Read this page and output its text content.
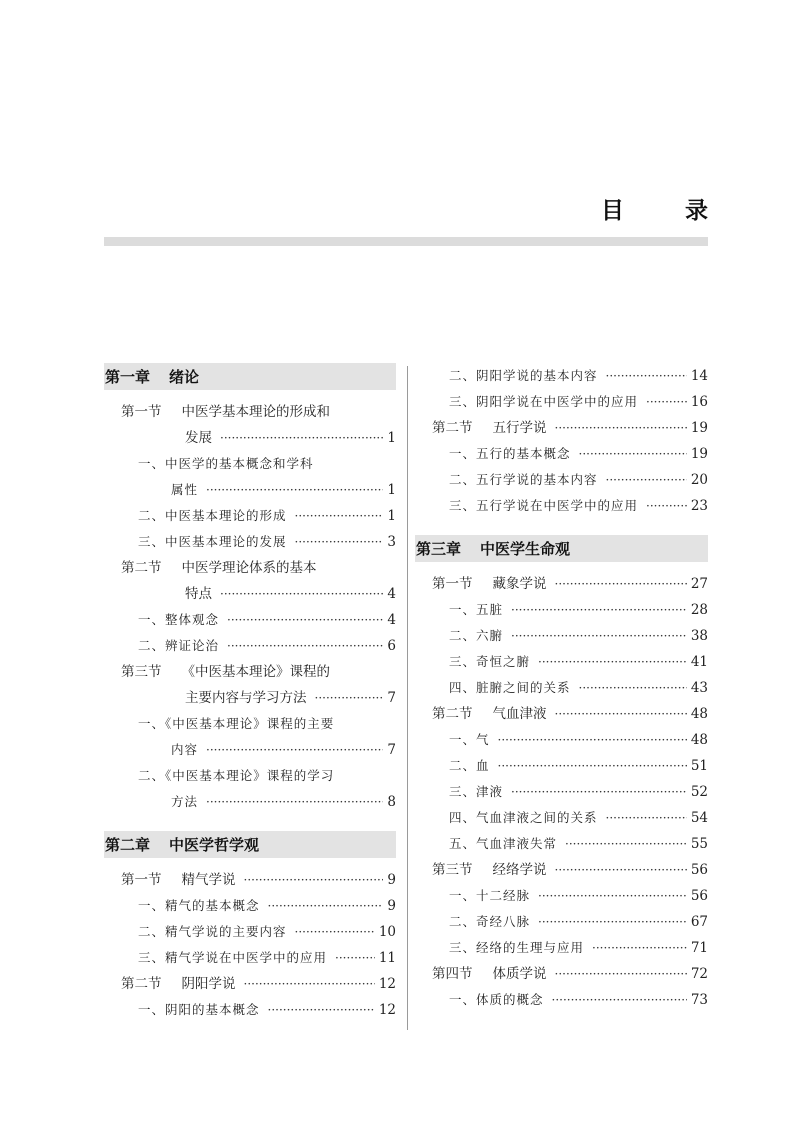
目　录
第一章 绪论
第一节 中医学基本理论的形成和
发展 ·····	1
一、中医学的基本概念和学科
属性 ·····	1
二、中医基本理论的形成 ·····	1
三、中医基本理论的发展 ·····	3
第二节 中医学理论体系的基本
特点 ·····	4
一、整体观念 ·····	4
二、辨证论治 ·····	6
第三节 《中医基本理论》课程的
主要内容与学习方法 ·····	7
一、《中医基本理论》课程的主要
内容 ·····	7
二、《中医基本理论》课程的学习
方法 ·····	8
第二章 中医学哲学观
第一节 精气学说 ·····	9
一、精气的基本概念 ·····	9
二、精气学说的主要内容 ·····	10
三、精气学说在中医学中的应用 ·····	11
第二节 阴阳学说 ·····	12
一、阴阳的基本概念 ·····	12
二、阴阳学说的基本内容 ·····	14
三、阴阳学说在中医学中的应用 ·····	16
第二节 五行学说 ·····	19
一、五行的基本概念 ·····	19
二、五行学说的基本内容 ·····	20
三、五行学说在中医学中的应用 ·····	23
第三章 中医学生命观
第一节 藏象学说 ·····	27
一、五脏 ·····	28
二、六腑 ·····	38
三、奇恒之腑 ·····	41
四、脏腑之间的关系 ·····	43
第二节 气血津液 ·····	48
一、气 ·····	48
二、血 ·····	51
三、津液 ·····	52
四、气血津液之间的关系 ·····	54
五、气血津液失常 ·····	55
第三节 经络学说 ·····	56
一、十二经脉 ·····	56
二、奇经八脉 ·····	67
三、经络的生理与应用 ·····	71
第四节 体质学说 ·····	72
一、体质的概念 ·····	73
